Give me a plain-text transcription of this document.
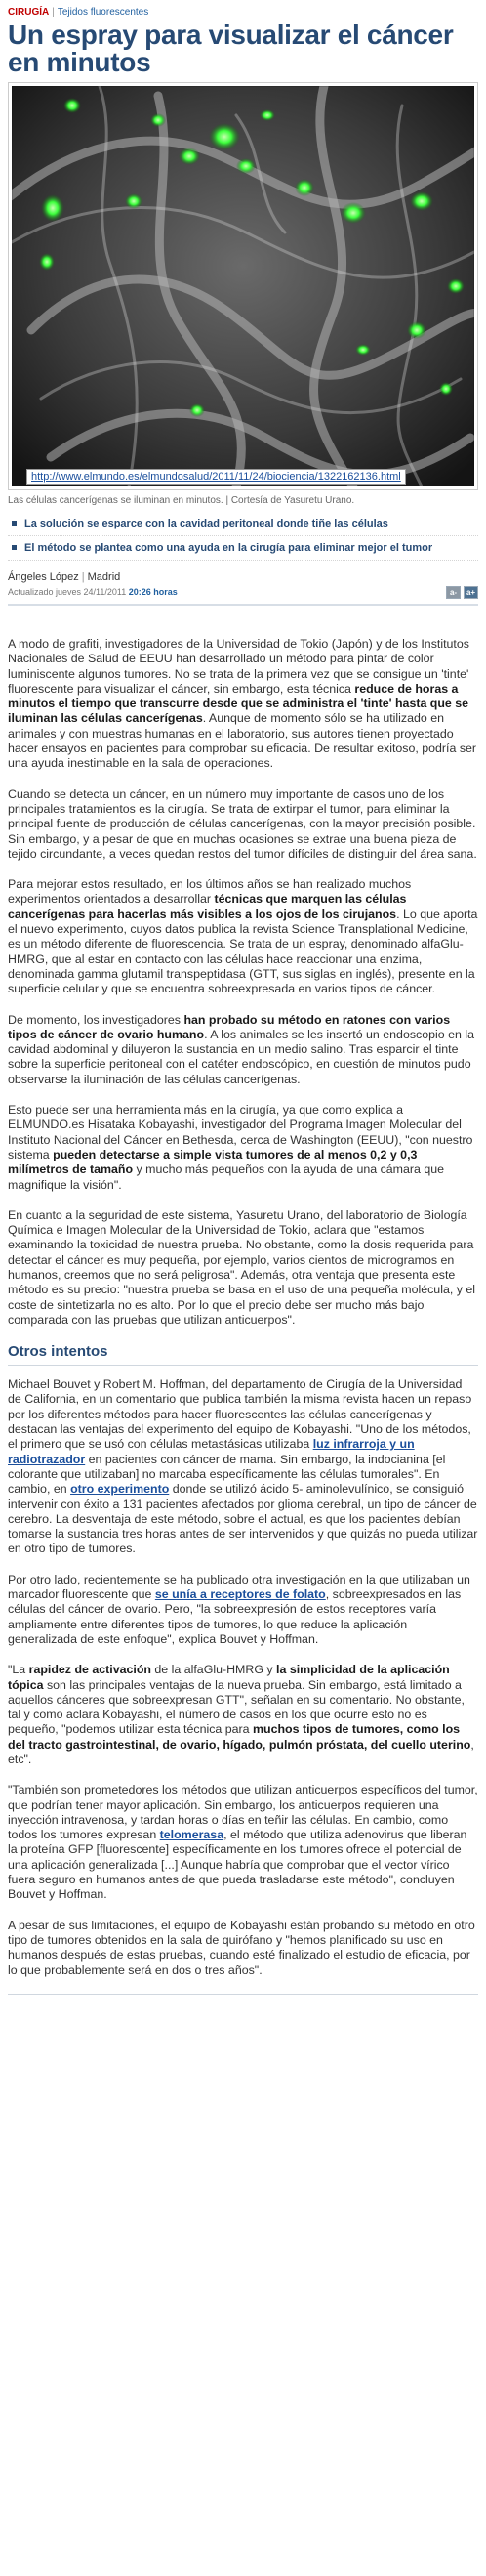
CIRUGÍA | Tejidos fluorescentes
Un espray para visualizar el cáncer en minutos
http://www.elmundo.es/elmundosalud/2011/11/24/biociencia/1322162136.html
Las células cancerígenas se iluminan en minutos. | Cortesía de Yasuretu Urano.
La solución se esparce con la cavidad peritoneal donde tiñe las células
El método se plantea como una ayuda en la cirugía para eliminar mejor el tumor
Ángeles López | Madrid
Actualizado jueves 24/11/2011 20:26 horas	a-	a+

A modo de grafiti, investigadores de la Universidad de Tokio (Japón) y de los Institutos Nacionales de Salud de EEUU han desarrollado un método para pintar de color luminiscente algunos tumores. No se trata de la primera vez que se consigue un 'tinte' fluorescente para visualizar el cáncer, sin embargo, esta técnica reduce de horas a minutos el tiempo que transcurre desde que se administra el 'tinte' hasta que se iluminan las células cancerígenas. Aunque de momento sólo se ha utilizado en animales y con muestras humanas en el laboratorio, sus autores tienen proyectado hacer ensayos en pacientes para comprobar su eficacia. De resultar exitoso, podría ser una ayuda inestimable en la sala de operaciones.

Cuando se detecta un cáncer, en un número muy importante de casos uno de los principales tratamientos es la cirugía. Se trata de extirpar el tumor, para eliminar la principal fuente de producción de células cancerígenas, con la mayor precisión posible. Sin embargo, y a pesar de que en muchas ocasiones se extrae una buena pieza de tejido circundante, a veces quedan restos del tumor difíciles de distinguir del área sana.

Para mejorar estos resultado, en los últimos años se han realizado muchos experimentos orientados a desarrollar técnicas que marquen las células cancerígenas para hacerlas más visibles a los ojos de los cirujanos. Lo que aporta el nuevo experimento, cuyos datos publica la revista Science Transplational Medicine, es un método diferente de fluorescencia. Se trata de un espray, denominado alfaGlu-HMRG, que al estar en contacto con las células hace reaccionar una enzima, denominada gamma glutamil transpeptidasa (GTT, sus siglas en inglés), presente en la superficie celular y que se encuentra sobreexpresada en varios tipos de cáncer.

De momento, los investigadores han probado su método en ratones con varios tipos de cáncer de ovario humano. A los animales se les insertó un endoscopio en la cavidad abdominal y diluyeron la sustancia en un medio salino. Tras esparcir el tinte sobre la superficie peritoneal con el catéter endoscópico, en cuestión de minutos pudo observarse la iluminación de las células cancerígenas.

Esto puede ser una herramienta más en la cirugía, ya que como explica a ELMUNDO.es Hisataka Kobayashi, investigador del Programa Imagen Molecular del Instituto Nacional del Cáncer en Bethesda, cerca de Washington (EEUU), "con nuestro sistema pueden detectarse a simple vista tumores de al menos 0,2 y 0,3 milímetros de tamaño y mucho más pequeños con la ayuda de una cámara que magnifique la visión".

En cuanto a la seguridad de este sistema, Yasuretu Urano, del laboratorio de Biología Química e Imagen Molecular de la Universidad de Tokio, aclara que "estamos examinando la toxicidad de nuestra prueba. No obstante, como la dosis requerida para detectar el cáncer es muy pequeña, por ejemplo, varios cientos de microgramos en humanos, creemos que no será peligrosa". Además, otra ventaja que presenta este método es su precio: "nuestra prueba se basa en el uso de una pequeña molécula, y el coste de sintetizarla no es alto. Por lo que el precio debe ser mucho más bajo comparada con las pruebas que utilizan anticuerpos".

Otros intentos

Michael Bouvet y Robert M. Hoffman, del departamento de Cirugía de la Universidad de California, en un comentario que publica también la misma revista hacen un repaso por los diferentes métodos para hacer fluorescentes las células cancerígenas y destacan las ventajas del experimento del equipo de Kobayashi. "Uno de los métodos, el primero que se usó con células metastásicas utilizaba luz infrarroja y un radiotrazador en pacientes con cáncer de mama. Sin embargo, la indocianina [el colorante que utilizaban] no marcaba específicamente las células tumorales". En cambio, en otro experimento donde se utilizó ácido 5- aminolevulínico, se consiguió intervenir con éxito a 131 pacientes afectados por glioma cerebral, un tipo de cáncer de cerebro. La desventaja de este método, sobre el actual, es que los pacientes debían tomarse la sustancia tres horas antes de ser intervenidos y que quizás no pueda utilizar en otro tipo de tumores.

Por otro lado, recientemente se ha publicado otra investigación en la que utilizaban un marcador fluorescente que se unía a receptores de folato, sobreexpresados en las células del cáncer de ovario. Pero, "la sobreexpresión de estos receptores varía ampliamente entre diferentes tipos de tumores, lo que reduce la aplicación generalizada de este enfoque", explica Bouvet y Hoffman.

"La rapidez de activación de la alfaGlu-HMRG y la simplicidad de la aplicación tópica son las principales ventajas de la nueva prueba. Sin embargo, está limitado a aquellos cánceres que sobreexpresan GTT", señalan en su comentario. No obstante, tal y como aclara Kobayashi, el número de casos en los que ocurre esto no es pequeño, "podemos utilizar esta técnica para muchos tipos de tumores, como los del tracto gastrointestinal, de ovario, hígado, pulmón próstata, del cuello uterino, etc".

"También son prometedores los métodos que utilizan anticuerpos específicos del tumor, que podrían tener mayor aplicación. Sin embargo, los anticuerpos requieren una inyección intravenosa, y tardan horas o días en teñir las células. En cambio, como todos los tumores expresan telomerasa, el método que utiliza adenovirus que liberan la proteína GFP [fluorescente] específicamente en los tumores ofrece el potencial de una aplicación generalizada [...] Aunque habría que comprobar que el vector vírico fuera seguro en humanos antes de que pueda trasladarse este método", concluyen Bouvet y Hoffman.

A pesar de sus limitaciones, el equipo de Kobayashi están probando su método en otro tipo de tumores obtenidos en la sala de quirófano y "hemos planificado su uso en humanos después de estas pruebas, cuando esté finalizado el estudio de eficacia, por lo que probablemente será en dos o tres años".
